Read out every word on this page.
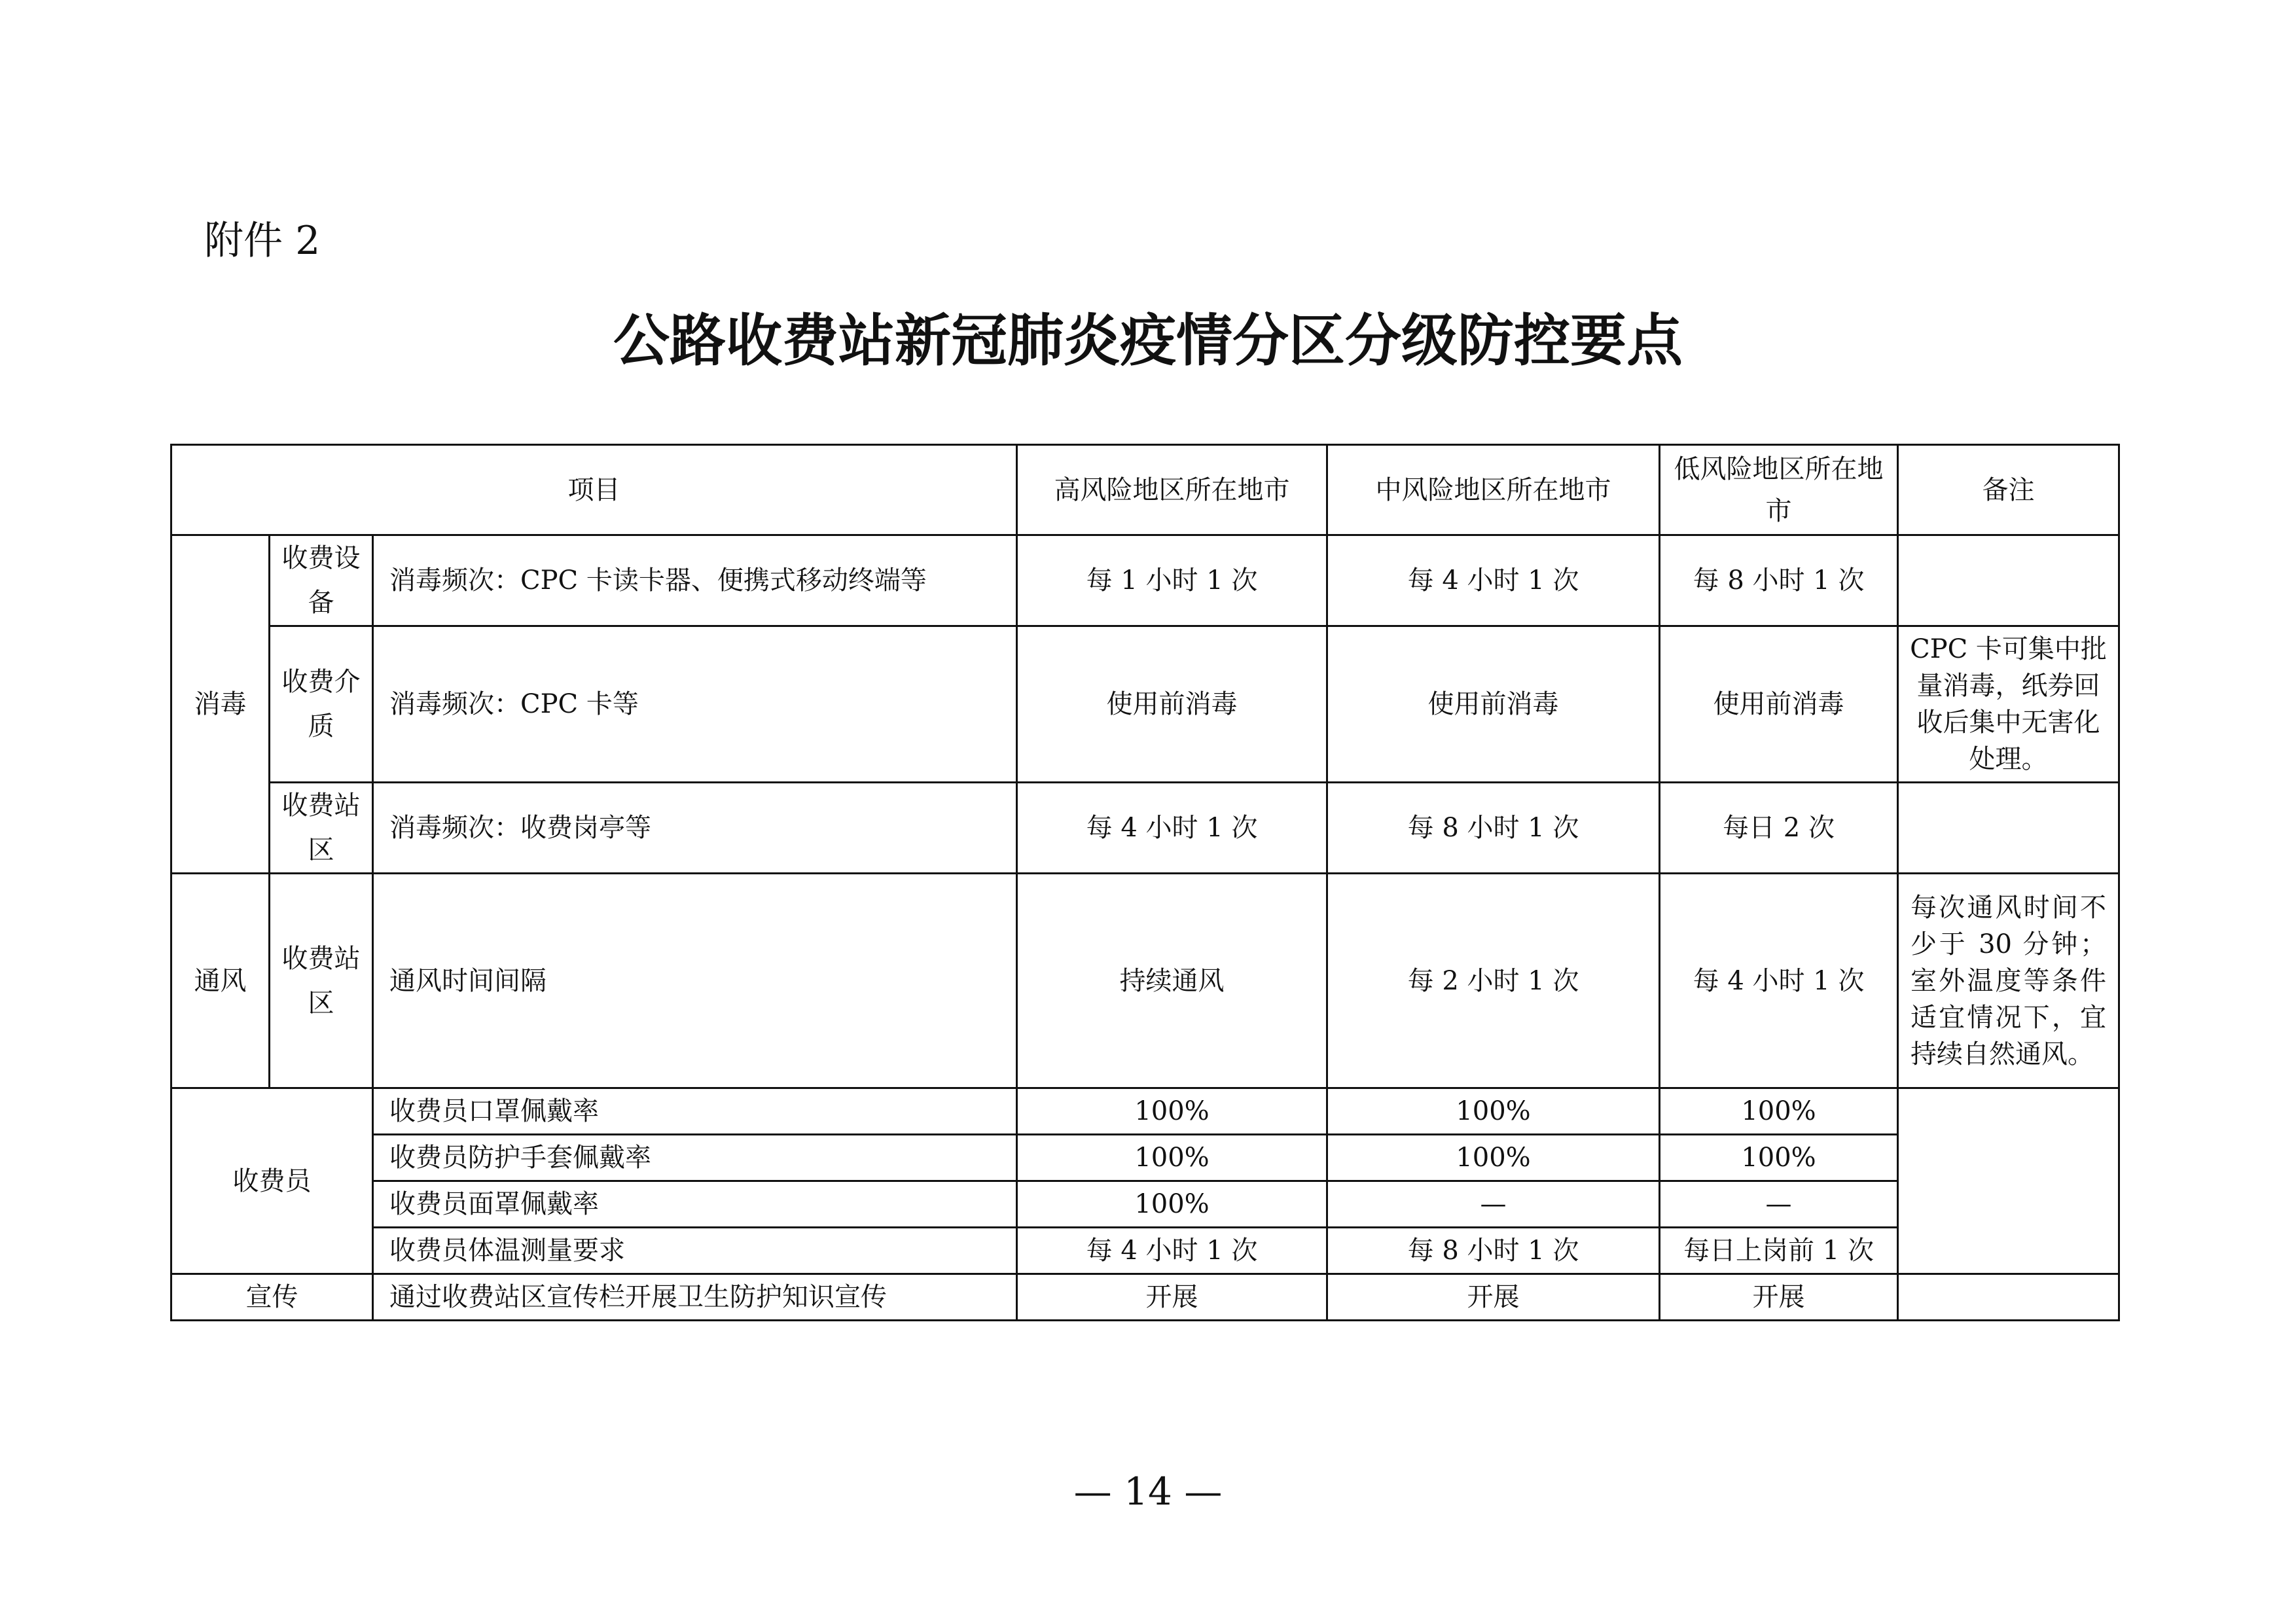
附件 2
公路收费站新冠肺炎疫情分区分级防控要点
项目			高风险地区所在地市	中风险地区所在地市	低风险地区所在地市	备注
消毒	收费设备	消毒频次：CPC 卡读卡器、便携式移动终端等	每 1 小时 1 次	每 4 小时 1 次	每 8 小时 1 次	
	收费介质	消毒频次：CPC 卡等	使用前消毒	使用前消毒	使用前消毒	CPC 卡可集中批量消毒，纸券回收后集中无害化处理。
	收费站区	消毒频次：收费岗亭等	每 4 小时 1 次	每 8 小时 1 次	每日 2 次	
通风	收费站区	通风时间间隔	持续通风	每 2 小时 1 次	每 4 小时 1 次	每次通风时间不少于 30 分钟；室外温度等条件适宜情况下，宜持续自然通风。
收费员		收费员口罩佩戴率	100%	100%	100%	
		收费员防护手套佩戴率	100%	100%	100%	
		收费员面罩佩戴率	100%	—	—	
		收费员体温测量要求	每 4 小时 1 次	每 8 小时 1 次	每日上岗前 1 次	
宣传		通过收费站区宣传栏开展卫生防护知识宣传	开展	开展	开展	
— 14 —
